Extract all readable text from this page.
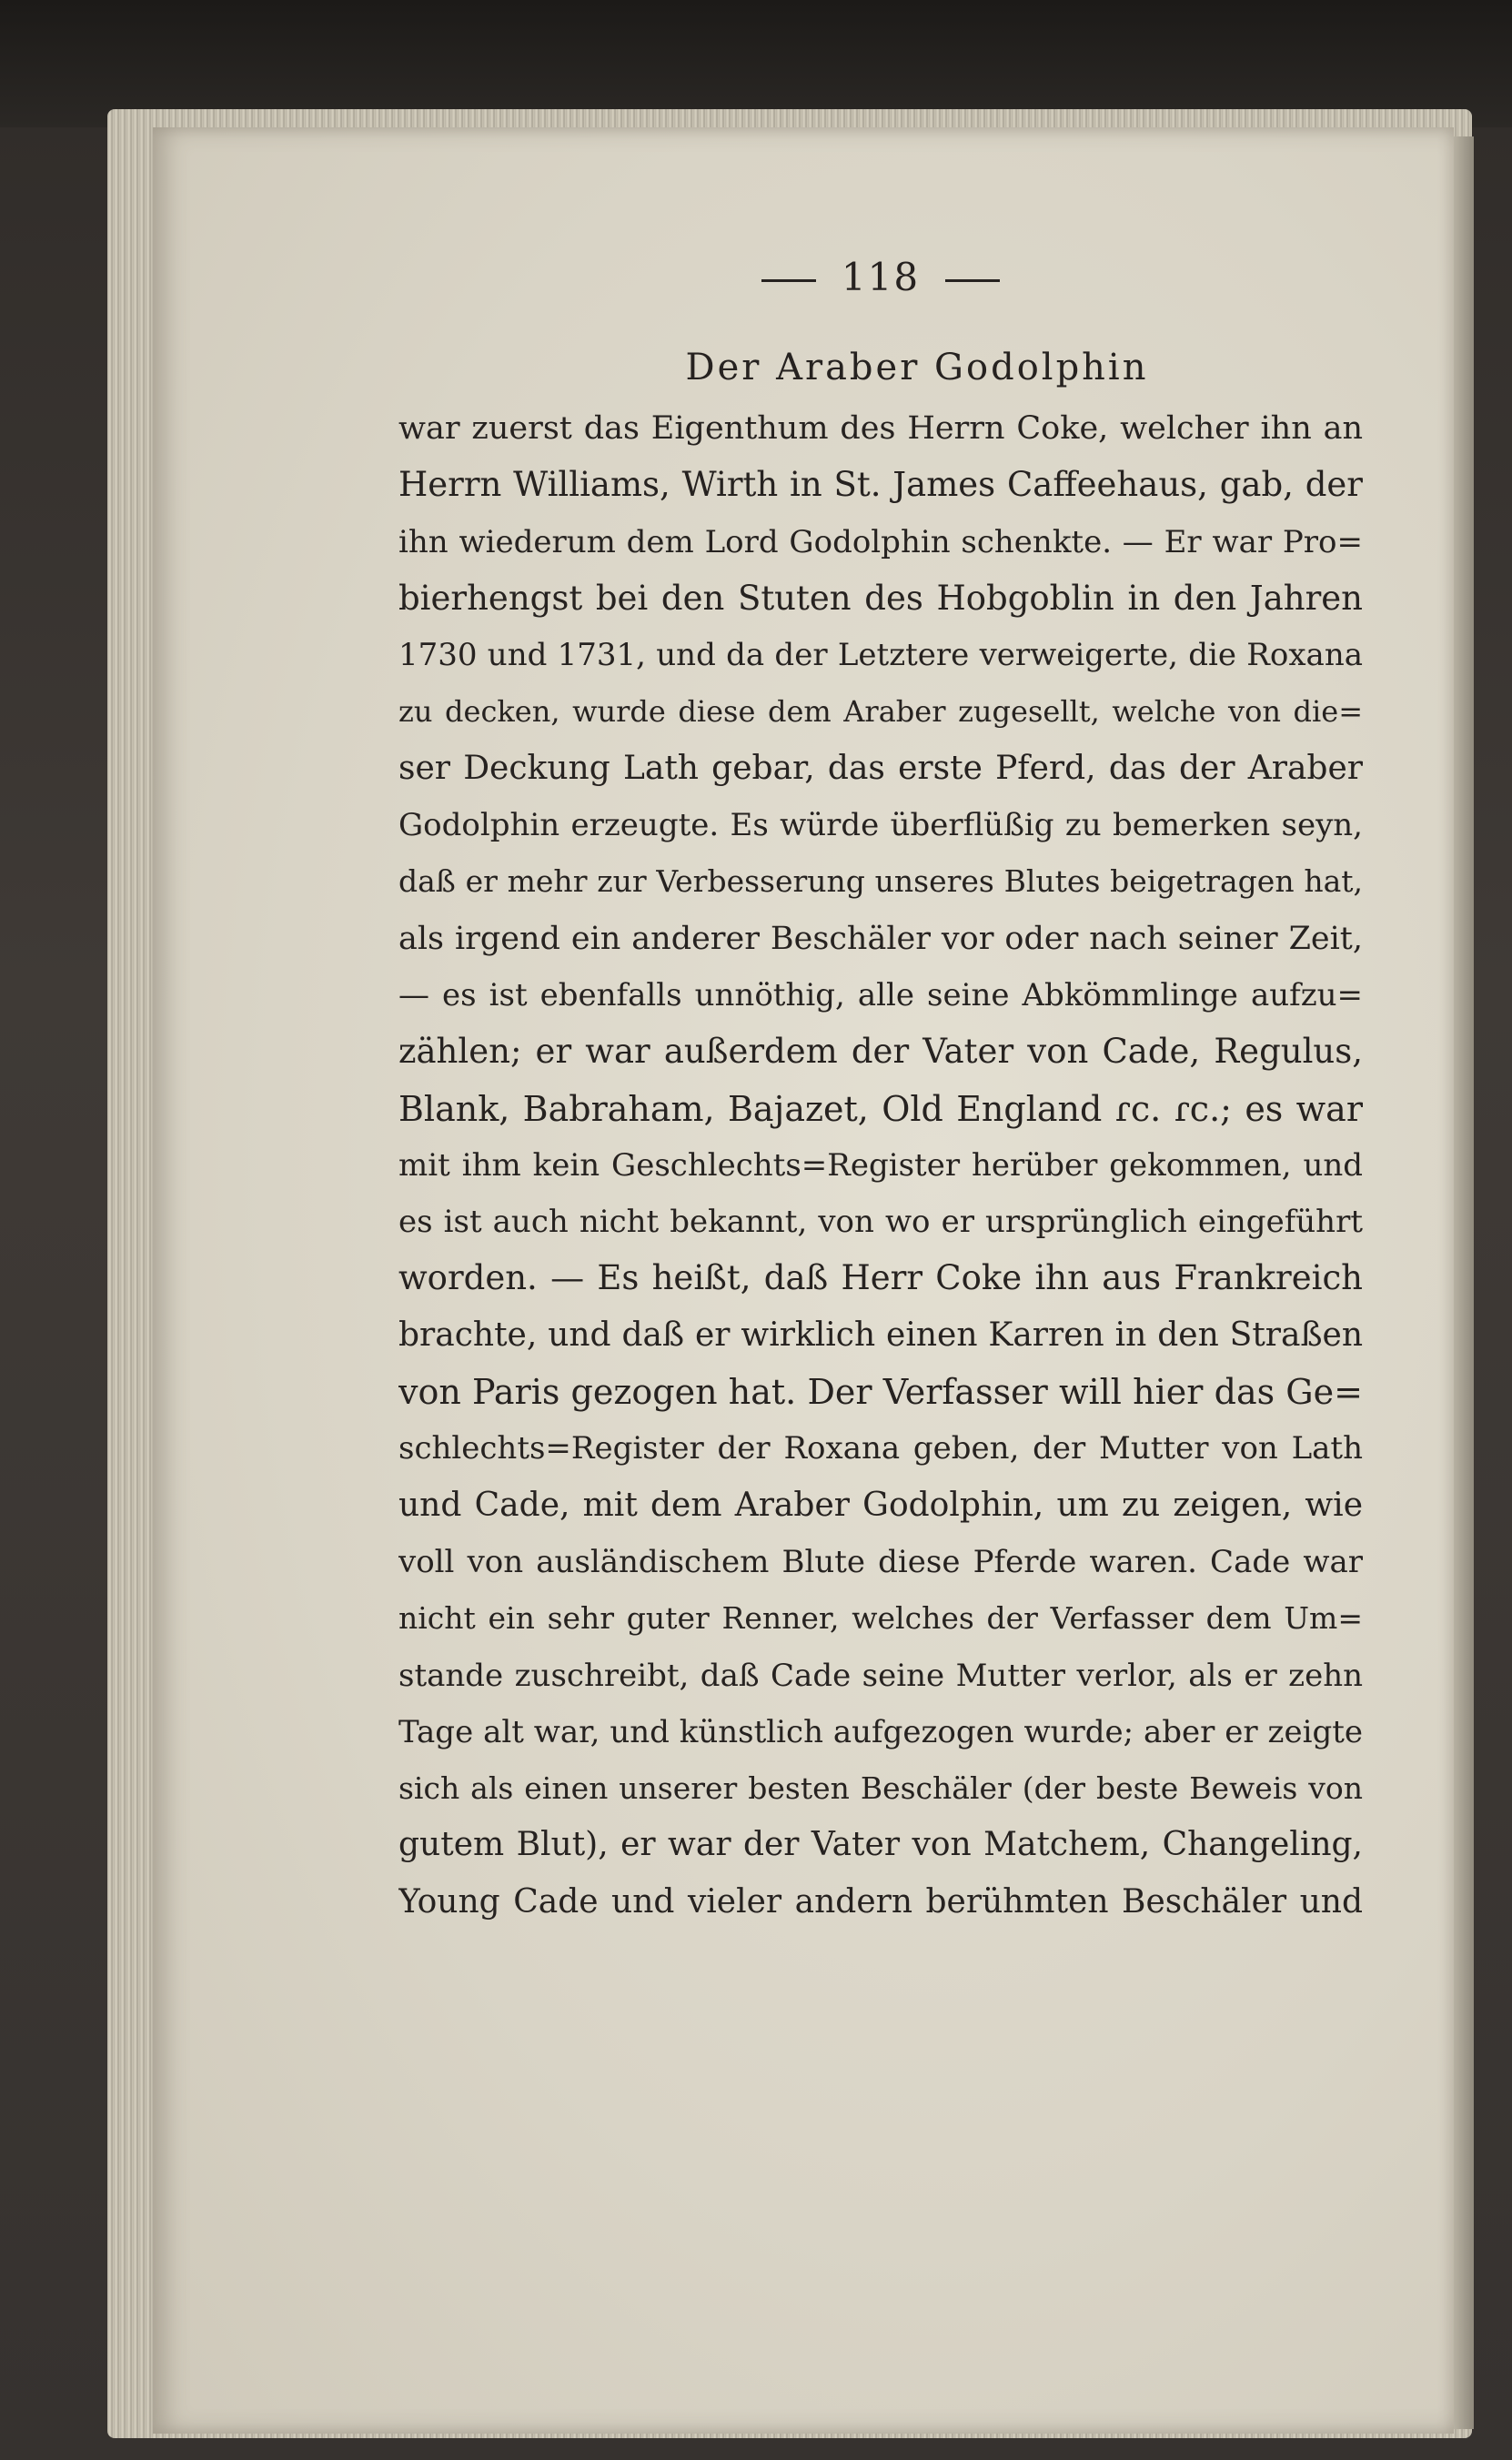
118
Der Araber Godolphin
war zuerst das Eigenthum des Herrn Coke, welcher ihn an
Herrn Williams, Wirth in St. James Caffeehaus, gab, der
ihn wiederum dem Lord Godolphin schenkte. — Er war Pro=
bierhengst bei den Stuten des Hobgoblin in den Jahren
1730 und 1731, und da der Letztere verweigerte, die Roxana
zu decken, wurde diese dem Araber zugesellt, welche von die=
ser Deckung Lath gebar, das erste Pferd, das der Araber
Godolphin erzeugte. Es würde überflüßig zu bemerken seyn,
daß er mehr zur Verbesserung unseres Blutes beigetragen hat,
als irgend ein anderer Beschäler vor oder nach seiner Zeit,
— es ist ebenfalls unnöthig, alle seine Abkömmlinge aufzu=
zählen; er war außerdem der Vater von Cade, Regulus,
Blank, Babraham, Bajazet, Old England ɾc. ɾc.; es war
mit ihm kein Geschlechts=Register herüber gekommen, und
es ist auch nicht bekannt, von wo er ursprünglich eingeführt
worden. — Es heißt, daß Herr Coke ihn aus Frankreich
brachte, und daß er wirklich einen Karren in den Straßen
von Paris gezogen hat. Der Verfasser will hier das Ge=
schlechts=Register der Roxana geben, der Mutter von Lath
und Cade, mit dem Araber Godolphin, um zu zeigen, wie
voll von ausländischem Blute diese Pferde waren. Cade war
nicht ein sehr guter Renner, welches der Verfasser dem Um=
stande zuschreibt, daß Cade seine Mutter verlor, als er zehn
Tage alt war, und künstlich aufgezogen wurde; aber er zeigte
sich als einen unserer besten Beschäler (der beste Beweis von
gutem Blut), er war der Vater von Matchem, Changeling,
Young Cade und vieler andern berühmten Beschäler und
